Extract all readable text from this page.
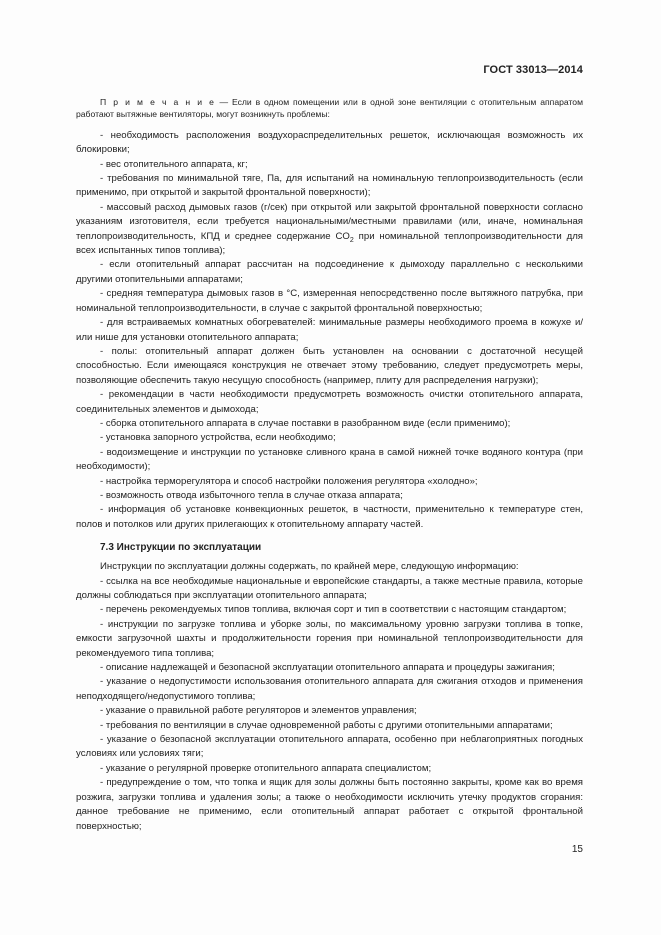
ГОСТ 33013—2014

П р и м е ч а н и е — Если в одном помещении или в одной зоне вентиляции с отопительным аппаратом работают вытяжные вентиляторы, могут возникнуть проблемы:

- необходимость расположения воздухораспределительных решеток, исключающая возможность их блокировки;

- вес отопительного аппарата, кг;

- требования по минимальной тяге, Па, для испытаний на номинальную теплопроизводительность (если применимо, при открытой и закрытой фронтальной поверхности);

- массовый расход дымовых газов (г/сек) при открытой или закрытой фронтальной поверхности согласно указаниям изготовителя, если требуется национальными/местными правилами (или, иначе, номинальная теплопроизводительность, КПД и среднее содержание $CO_2$ при номинальной теплопроизводительности для всех испытанных типов топлива);

- если отопительный аппарат рассчитан на подсоединение к дымоходу параллельно с несколькими другими отопительными аппаратами;

- средняя температура дымовых газов в °С, измеренная непосредственно после вытяжного патрубка, при номинальной теплопроизводительности, в случае с закрытой фронтальной поверхностью;

- для встраиваемых комнатных обогревателей: минимальные размеры необходимого проема в кожухе и/или нише для установки отопительного аппарата;

- полы: отопительный аппарат должен быть установлен на основании с достаточной несущей способностью. Если имеющаяся конструкция не отвечает этому требованию, следует предусмотреть меры, позволяющие обеспечить такую несущую способность (например, плиту для распределения нагрузки);

- рекомендации в части необходимости предусмотреть возможность очистки отопительного аппарата, соединительных элементов и дымохода;

- сборка отопительного аппарата в случае поставки в разобранном виде (если применимо);

- установка запорного устройства, если необходимо;

- водоизмещение и инструкции по установке сливного крана в самой нижней точке водяного контура (при необходимости);

- настройка терморегулятора и способ настройки положения регулятора «холодно»;

- возможность отвода избыточного тепла в случае отказа аппарата;

- информация об установке конвекционных решеток, в частности, применительно к температуре стен, полов и потолков или других прилегающих к отопительному аппарату частей.

7.3 Инструкции по эксплуатации

Инструкции по эксплуатации должны содержать, по крайней мере, следующую информацию:

- ссылка на все необходимые национальные и европейские стандарты, а также местные правила, которые должны соблюдаться при эксплуатации отопительного аппарата;

- перечень рекомендуемых типов топлива, включая сорт и тип в соответствии с настоящим стандартом;

- инструкции по загрузке топлива и уборке золы, по максимальному уровню загрузки топлива в топке, емкости загрузочной шахты и продолжительности горения при номинальной теплопроизводительности для рекомендуемого типа топлива;

- описание надлежащей и безопасной эксплуатации отопительного аппарата и процедуры зажигания;

- указание о недопустимости использования отопительного аппарата для сжигания отходов и применения неподходящего/недопустимого топлива;

- указание о правильной работе регуляторов и элементов управления;

- требования по вентиляции в случае одновременной работы с другими отопительными аппаратами;

- указание о безопасной эксплуатации отопительного аппарата, особенно при неблагоприятных погодных условиях или условиях тяги;

- указание о регулярной проверке отопительного аппарата специалистом;

- предупреждение о том, что топка и ящик для золы должны быть постоянно закрыты, кроме как во время розжига, загрузки топлива и удаления золы; а также о необходимости исключить утечку продуктов сгорания: данное требование не применимо, если отопительный аппарат работает с открытой фронтальной поверхностью;

15
